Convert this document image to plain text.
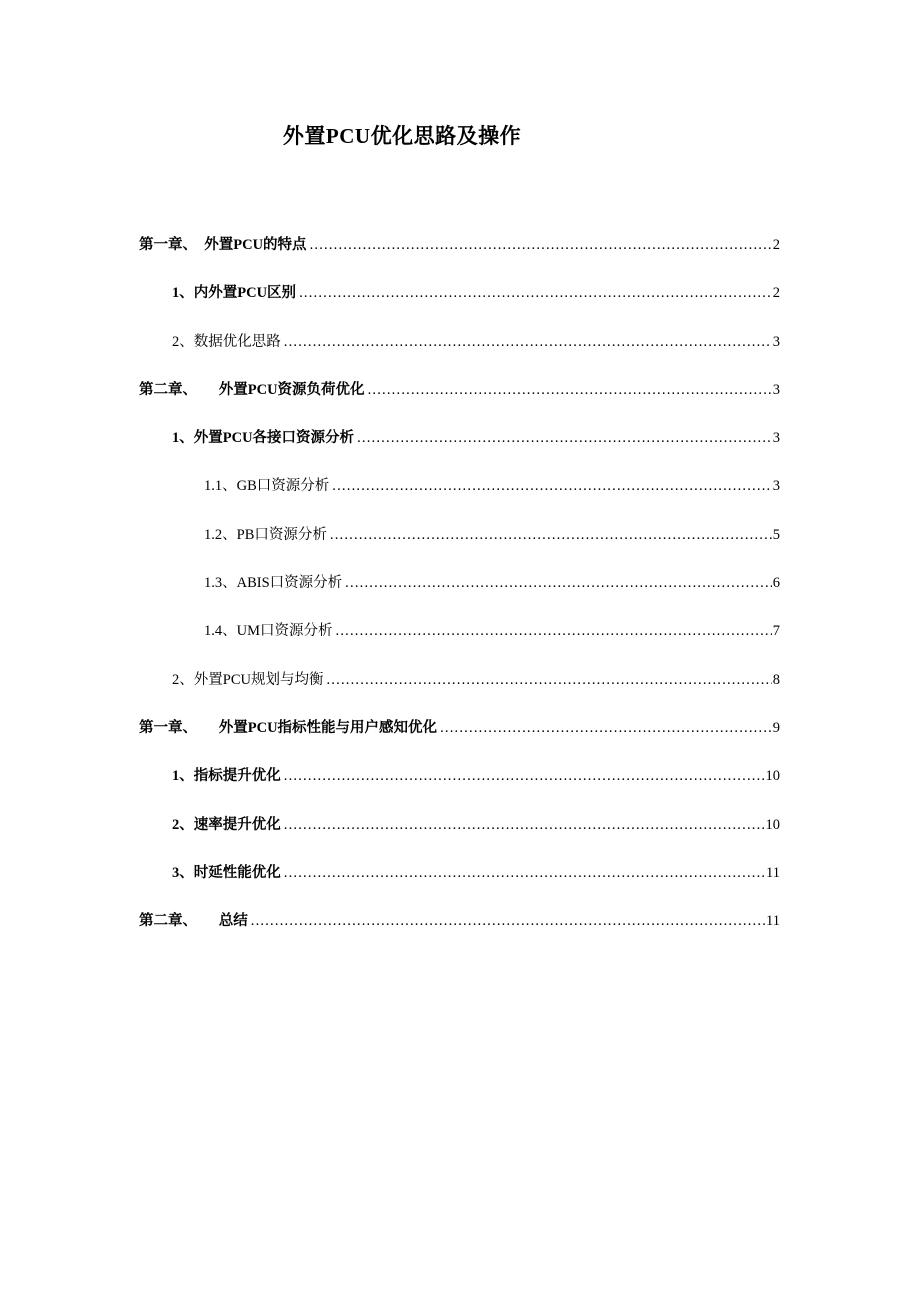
外置PCU优化思路及操作
第一章、  外置PCU的特点 .....	2
1、内外置PCU区别 .....	2
2、数据优化思路 .....	3
第二章、      外置PCU资源负荷优化 .....	3
1、外置PCU各接口资源分析 .....	3
1.1、GB口资源分析 .....	3
1.2、PB口资源分析 .....	5
1.3、ABIS口资源分析 .....	6
1.4、UM口资源分析 .....	7
2、外置PCU规划与均衡 .....	8
第一章、      外置PCU指标性能与用户感知优化 .....	9
1、指标提升优化 .....	10
2、速率提升优化 .....	10
3、时延性能优化 .....	11
第二章、      总结 .....	11
